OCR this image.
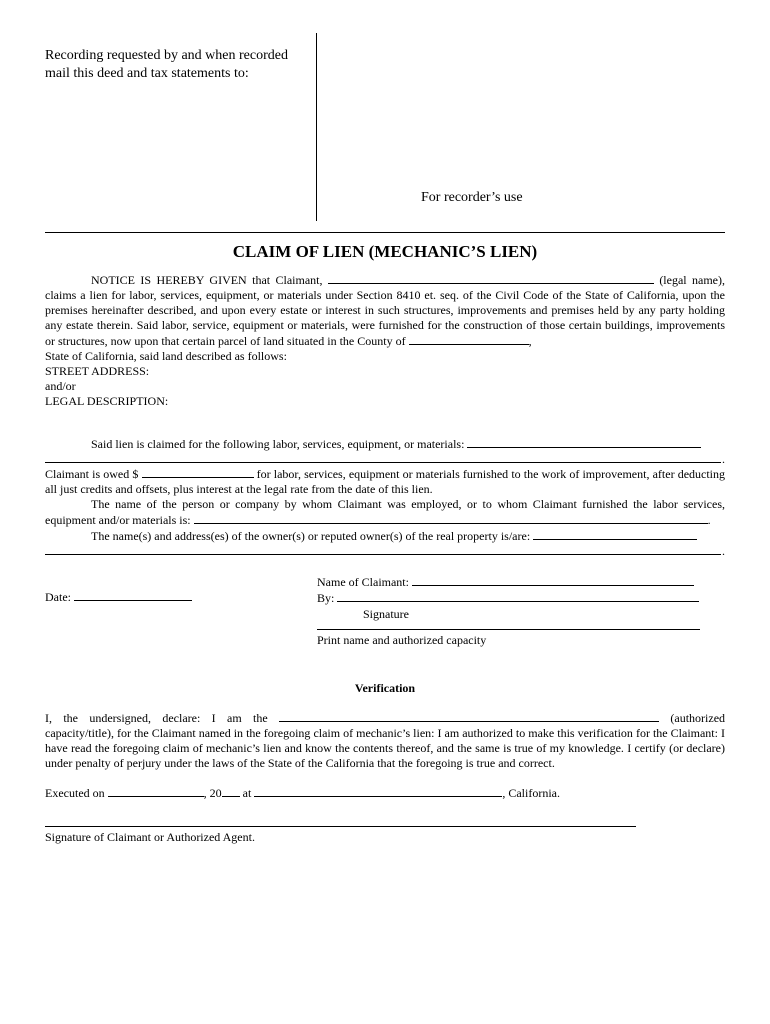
Recording requested by and when recorded
mail this deed and tax statements to:
For recorder’s use
CLAIM OF LIEN (MECHANIC’S LIEN)

NOTICE IS HEREBY GIVEN that Claimant,	(legal name), claims a lien for labor, services, equipment, or materials under Section 8410 et. seq. of the Civil Code of the State of California, upon the premises hereinafter described, and upon every estate or interest in such structures, improvements and premises held by any party holding any estate therein. Said labor, service, equipment or materials, were furnished for the construction of those certain buildings, improvements or structures, now upon that certain parcel of land situated in the County of	,

State of California, said land described as follows:
STREET ADDRESS:
and/or
LEGAL DESCRIPTION:
Said lien is claimed for the following labor, services, equipment, or materials:
.

Claimant is owed $	for labor, services, equipment or materials furnished to the work of improvement, after deducting all just credits and offsets, plus interest at the legal rate from the date of this lien.

The name of the person or company by whom Claimant was employed, or to whom Claimant furnished the labor services, equipment and/or materials is:	.

The name(s) and address(es) of the owner(s) or reputed owner(s) of the real property is/are:
.
Name of Claimant:
By:
Signature
Date:
Print name and authorized capacity
Verification

I, the undersigned, declare: I am the	(authorized capacity/title), for the Claimant named in the foregoing claim of mechanic’s lien: I am authorized to make this verification for the Claimant: I have read the foregoing claim of mechanic’s lien and know the contents thereof, and the same is true of my knowledge. I certify (or declare) under penalty of perjury under the laws of the State of the California that the foregoing is true and correct.

Executed on	, 20 at	, California.
Signature of Claimant or Authorized Agent.
